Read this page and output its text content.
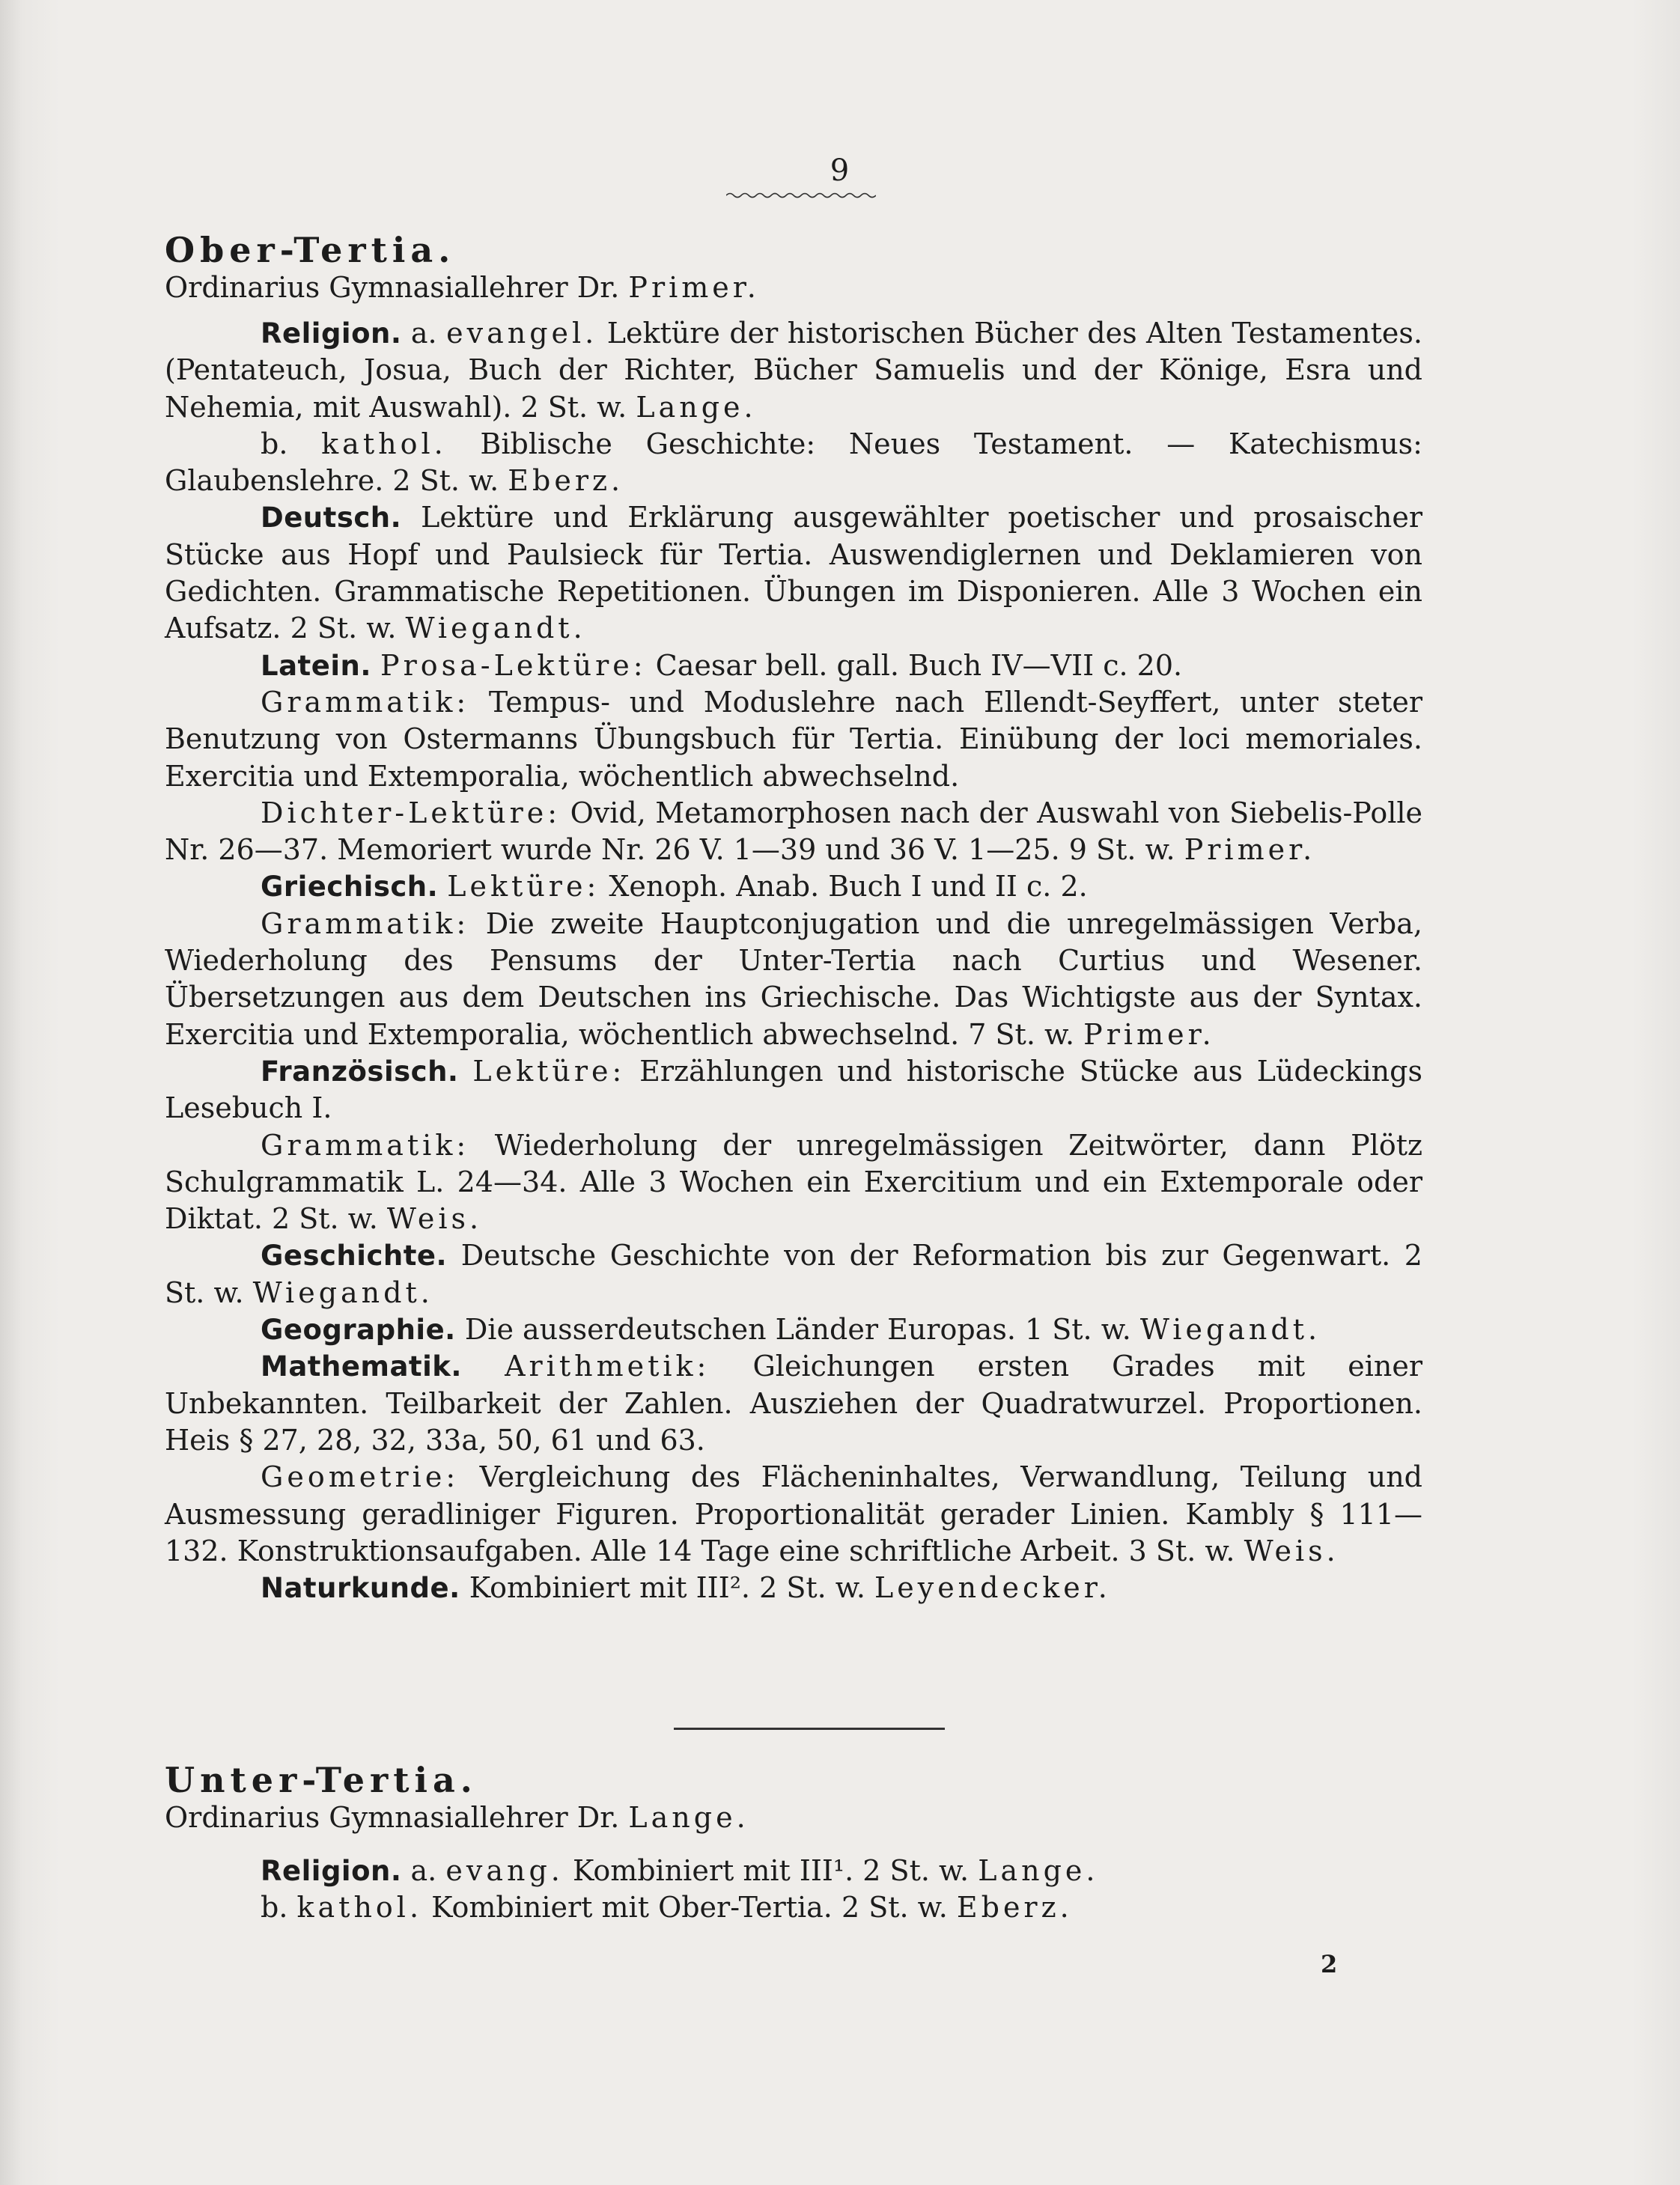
9

Ober-Tertia.

Ordinarius Gymnasiallehrer Dr. Primer.

Religion. a. evangel. Lektüre der historischen Bücher des Alten Testamentes. (Pentateuch, Josua, Buch der Richter, Bücher Samuelis und der Könige, Esra und Nehemia, mit Auswahl). 2 St. w. Lange.

b. kathol. Biblische Geschichte: Neues Testament. — Katechismus: Glaubenslehre. 2 St. w. Eberz.

Deutsch. Lektüre und Erklärung ausgewählter poetischer und prosaischer Stücke aus Hopf und Paulsieck für Tertia. Auswendiglernen und Deklamieren von Gedichten. Grammatische Repetitionen. Übungen im Disponieren. Alle 3 Wochen ein Aufsatz. 2 St. w. Wiegandt.

Latein. Prosa-Lektüre: Caesar bell. gall. Buch IV—VII c. 20.

Grammatik: Tempus- und Moduslehre nach Ellendt-Seyffert, unter steter Benutzung von Ostermanns Übungsbuch für Tertia. Einübung der loci memoriales. Exercitia und Extemporalia, wöchentlich abwechselnd.

Dichter-Lektüre: Ovid, Metamorphosen nach der Auswahl von Siebelis-Polle Nr. 26—37. Memoriert wurde Nr. 26 V. 1—39 und 36 V. 1—25. 9 St. w. Primer.

Griechisch. Lektüre: Xenoph. Anab. Buch I und II c. 2.

Grammatik: Die zweite Hauptconjugation und die unregelmässigen Verba, Wiederholung des Pensums der Unter-Tertia nach Curtius und Wesener. Übersetzungen aus dem Deutschen ins Griechische. Das Wichtigste aus der Syntax. Exercitia und Extemporalia, wöchentlich abwechselnd. 7 St. w. Primer.

Französisch. Lektüre: Erzählungen und historische Stücke aus Lüdeckings Lesebuch I.

Grammatik: Wiederholung der unregelmässigen Zeitwörter, dann Plötz Schulgrammatik L. 24—34. Alle 3 Wochen ein Exercitium und ein Extemporale oder Diktat. 2 St. w. Weis.

Geschichte. Deutsche Geschichte von der Reformation bis zur Gegenwart. 2 St. w. Wiegandt.

Geographie. Die ausserdeutschen Länder Europas. 1 St. w. Wiegandt.

Mathematik. Arithmetik: Gleichungen ersten Grades mit einer Unbekannten. Teilbarkeit der Zahlen. Ausziehen der Quadratwurzel. Proportionen. Heis § 27, 28, 32, 33a, 50, 61 und 63.

Geometrie: Vergleichung des Flächeninhaltes, Verwandlung, Teilung und Ausmessung geradliniger Figuren. Proportionalität gerader Linien. Kambly § 111—132. Konstruktionsaufgaben. Alle 14 Tage eine schriftliche Arbeit. 3 St. w. Weis.

Naturkunde. Kombiniert mit III². 2 St. w. Leyendecker.

Unter-Tertia.

Ordinarius Gymnasiallehrer Dr. Lange.

Religion. a. evang. Kombiniert mit III¹. 2 St. w. Lange.

b. kathol. Kombiniert mit Ober-Tertia. 2 St. w. Eberz.

2
